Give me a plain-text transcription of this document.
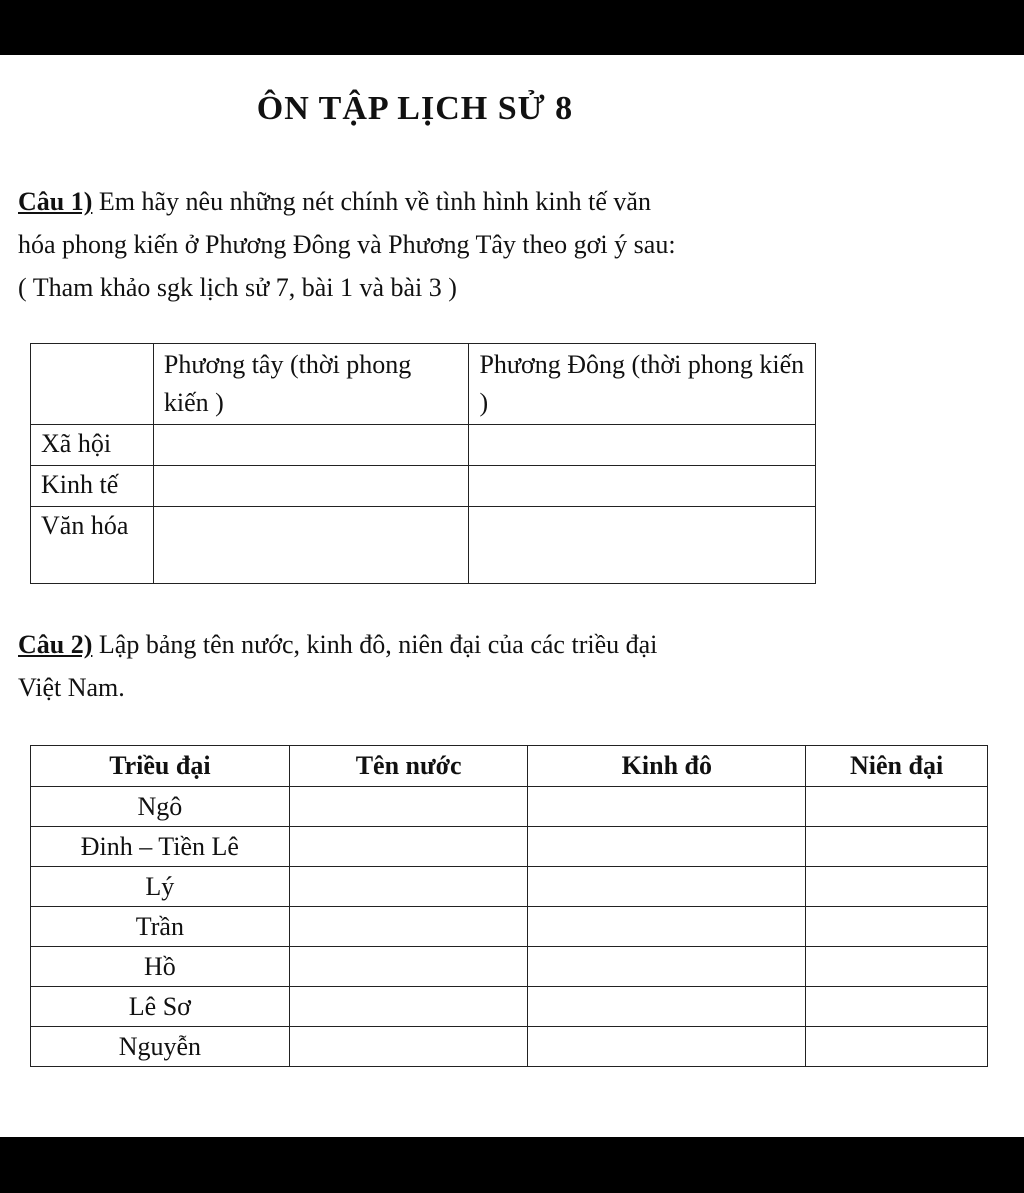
ÔN TẬP LỊCH SỬ 8

Câu 1) Em hãy nêu những nét chính về tình hình kinh tế văn
hóa phong kiến ở Phương Đông và Phương Tây theo gơi ý sau:
( Tham khảo sgk lịch sử 7, bài 1 và bài 3 )

	Phương tây (thời phong kiến )	Phương Đông (thời phong kiến )
Xã hội		
Kinh tế		
Văn hóa		

Câu 2) Lập bảng tên nước, kinh đô, niên đại của các triều đại
Việt Nam.

Triều đại	Tên nước	Kinh đô	Niên đại
Ngô			
Đinh – Tiền Lê			
Lý			
Trần			
Hồ			
Lê Sơ			
Nguyễn			
